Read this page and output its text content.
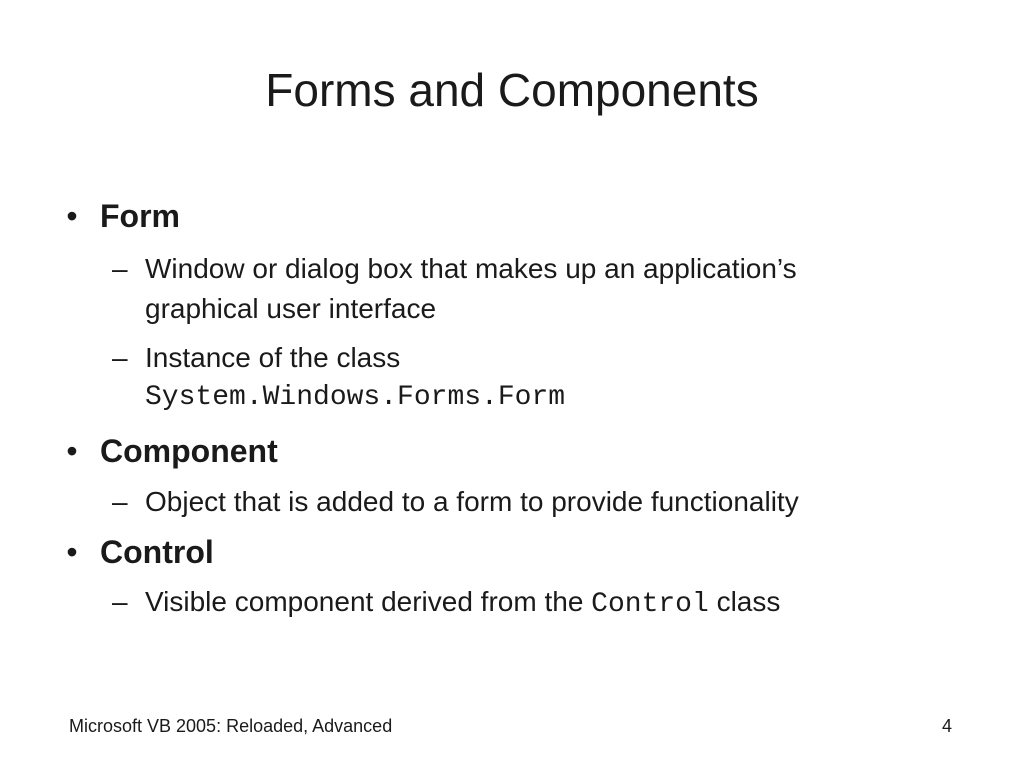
Forms and Components
• Form
– Window or dialog box that makes up an application’s
graphical user interface
– Instance of the class
System.Windows.Forms.Form
• Component
– Object that is added to a form to provide functionality
• Control
– Visible component derived from the Control class
Microsoft VB 2005: Reloaded, Advanced	4
